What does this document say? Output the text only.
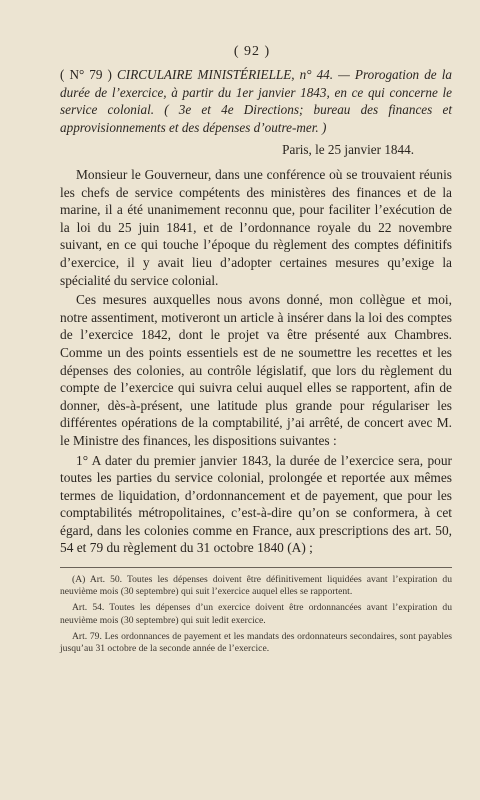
( 92 )
( N° 79 ) CIRCULAIRE MINISTÉRIELLE, n° 44. — Prorogation de la durée de l’exercice, à partir du 1er janvier 1843, en ce qui concerne le service colonial. ( 3e et 4e Directions; bureau des finances et approvisionnements et des dépenses d’outre-mer. )
Paris, le 25 janvier 1844.

Monsieur le Gouverneur, dans une conférence où se trouvaient réunis les chefs de service compétents des ministères des finances et de la marine, il a été unanimement reconnu que, pour faciliter l’exécution de la loi du 25 juin 1841, et de l’ordonnance royale du 22 novembre suivant, en ce qui touche l’époque du règlement des comptes définitifs d’exercice, il y avait lieu d’adopter certaines mesures qu’exige la spécialité du service colonial.

Ces mesures auxquelles nous avons donné, mon collègue et moi, notre assentiment, motiveront un article à insérer dans la loi des comptes de l’exercice 1842, dont le projet va être présenté aux Chambres. Comme un des points essentiels est de ne soumettre les recettes et les dépenses des colonies, au contrôle législatif, que lors du règlement du compte de l’exercice qui suivra celui auquel elles se rapportent, afin de donner, dès-à-présent, une latitude plus grande pour régulariser les différentes opérations de la comptabilité, j’ai arrêté, de concert avec M. le Ministre des finances, les dispositions suivantes :

1° A dater du premier janvier 1843, la durée de l’exercice sera, pour toutes les parties du service colonial, prolongée et reportée aux mêmes termes de liquidation, d’ordonnancement et de payement, que pour les comptabilités métropolitaines, c’est-à-dire qu’on se conformera, à cet égard, dans les colonies comme en France, aux prescriptions des art. 50, 54 et 79 du règlement du 31 octobre 1840 (A) ;

(A) Art. 50. Toutes les dépenses doivent être définitivement liquidées avant l’expiration du neuvième mois (30 septembre) qui suit l’exercice auquel elles se rapportent.

Art. 54. Toutes les dépenses d’un exercice doivent être ordonnancées avant l’expiration du neuvième mois (30 septembre) qui suit ledit exercice.

Art. 79. Les ordonnances de payement et les mandats des ordonnateurs secondaires, sont payables jusqu’au 31 octobre de la seconde année de l’exercice.
